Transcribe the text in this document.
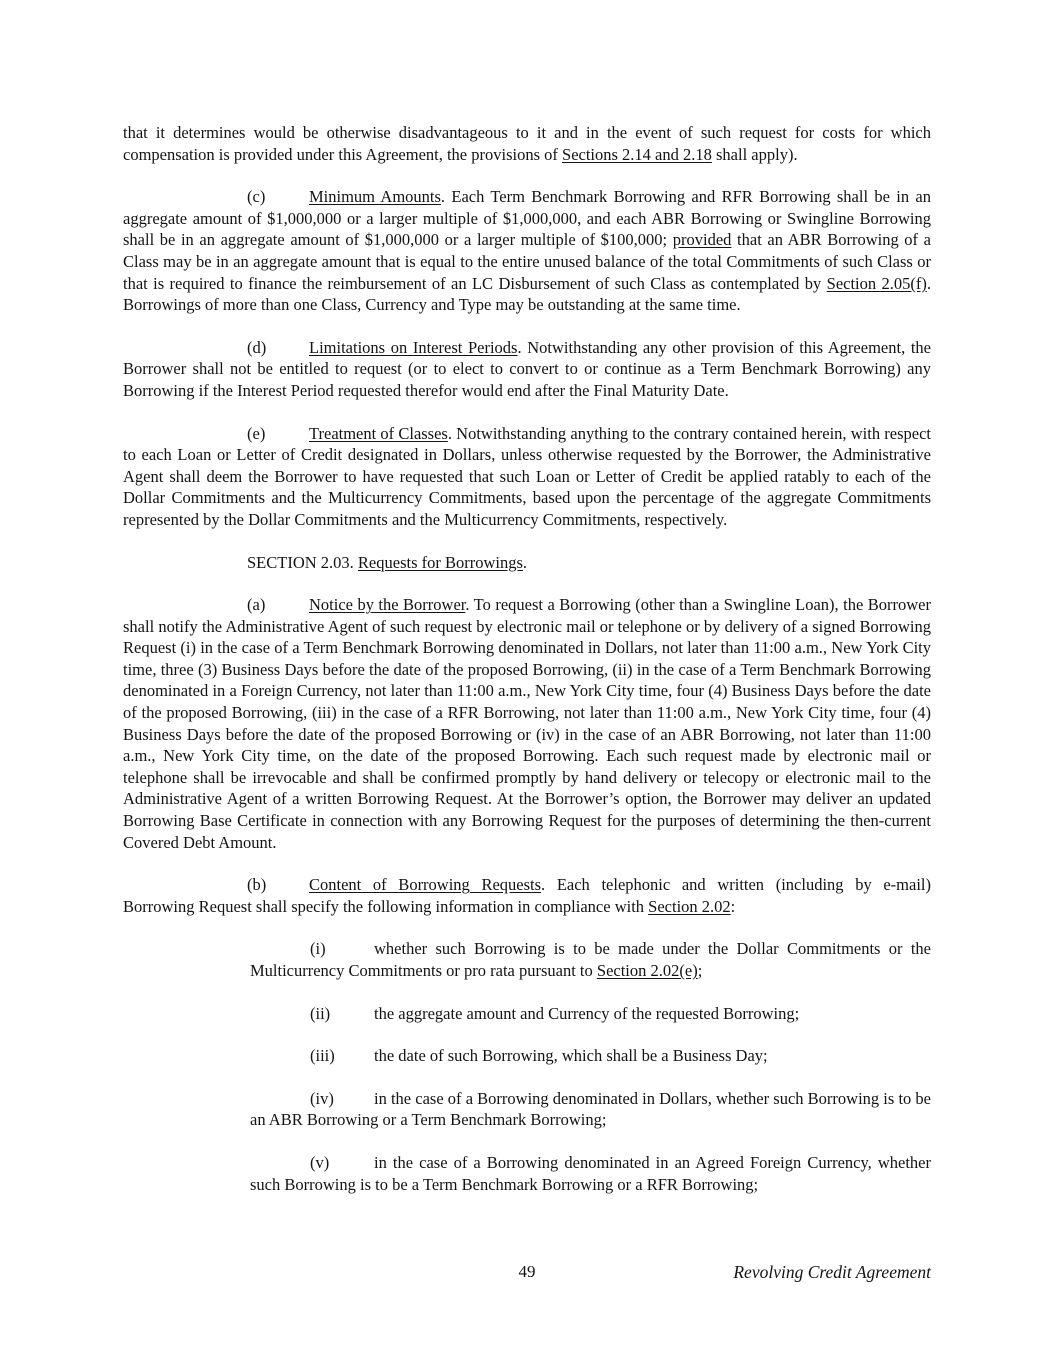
that it determines would be otherwise disadvantageous to it and in the event of such request for costs for which compensation is provided under this Agreement, the provisions of Sections 2.14 and 2.18 shall apply).

(c)	Minimum Amounts. Each Term Benchmark Borrowing and RFR Borrowing shall be in an aggregate amount of $1,000,000 or a larger multiple of $1,000,000, and each ABR Borrowing or Swingline Borrowing shall be in an aggregate amount of $1,000,000 or a larger multiple of $100,000; provided that an ABR Borrowing of a Class may be in an aggregate amount that is equal to the entire unused balance of the total Commitments of such Class or that is required to finance the reimbursement of an LC Disbursement of such Class as contemplated by Section 2.05(f). Borrowings of more than one Class, Currency and Type may be outstanding at the same time.

(d)	Limitations on Interest Periods. Notwithstanding any other provision of this Agreement, the Borrower shall not be entitled to request (or to elect to convert to or continue as a Term Benchmark Borrowing) any Borrowing if the Interest Period requested therefor would end after the Final Maturity Date.

(e)	Treatment of Classes. Notwithstanding anything to the contrary contained herein, with respect to each Loan or Letter of Credit designated in Dollars, unless otherwise requested by the Borrower, the Administrative Agent shall deem the Borrower to have requested that such Loan or Letter of Credit be applied ratably to each of the Dollar Commitments and the Multicurrency Commitments, based upon the percentage of the aggregate Commitments represented by the Dollar Commitments and the Multicurrency Commitments, respectively.

SECTION 2.03. Requests for Borrowings.

(a)	Notice by the Borrower. To request a Borrowing (other than a Swingline Loan), the Borrower shall notify the Administrative Agent of such request by electronic mail or telephone or by delivery of a signed Borrowing Request (i) in the case of a Term Benchmark Borrowing denominated in Dollars, not later than 11:00 a.m., New York City time, three (3) Business Days before the date of the proposed Borrowing, (ii) in the case of a Term Benchmark Borrowing denominated in a Foreign Currency, not later than 11:00 a.m., New York City time, four (4) Business Days before the date of the proposed Borrowing, (iii) in the case of a RFR Borrowing, not later than 11:00 a.m., New York City time, four (4) Business Days before the date of the proposed Borrowing or (iv) in the case of an ABR Borrowing, not later than 11:00 a.m., New York City time, on the date of the proposed Borrowing. Each such request made by electronic mail or telephone shall be irrevocable and shall be confirmed promptly by hand delivery or telecopy or electronic mail to the Administrative Agent of a written Borrowing Request. At the Borrower’s option, the Borrower may deliver an updated Borrowing Base Certificate in connection with any Borrowing Request for the purposes of determining the then-current Covered Debt Amount.

(b)	Content of Borrowing Requests. Each telephonic and written (including by e-mail) Borrowing Request shall specify the following information in compliance with Section 2.02:

(i)	whether such Borrowing is to be made under the Dollar Commitments or the Multicurrency Commitments or pro rata pursuant to Section 2.02(e);

(ii)	the aggregate amount and Currency of the requested Borrowing;

(iii) the date of such Borrowing, which shall be a Business Day;

(iv) in the case of a Borrowing denominated in Dollars, whether such Borrowing is to be an ABR Borrowing or a Term Benchmark Borrowing;

(v)	in the case of a Borrowing denominated in an Agreed Foreign Currency, whether such Borrowing is to be a Term Benchmark Borrowing or a RFR Borrowing;

49	Revolving Credit Agreement
